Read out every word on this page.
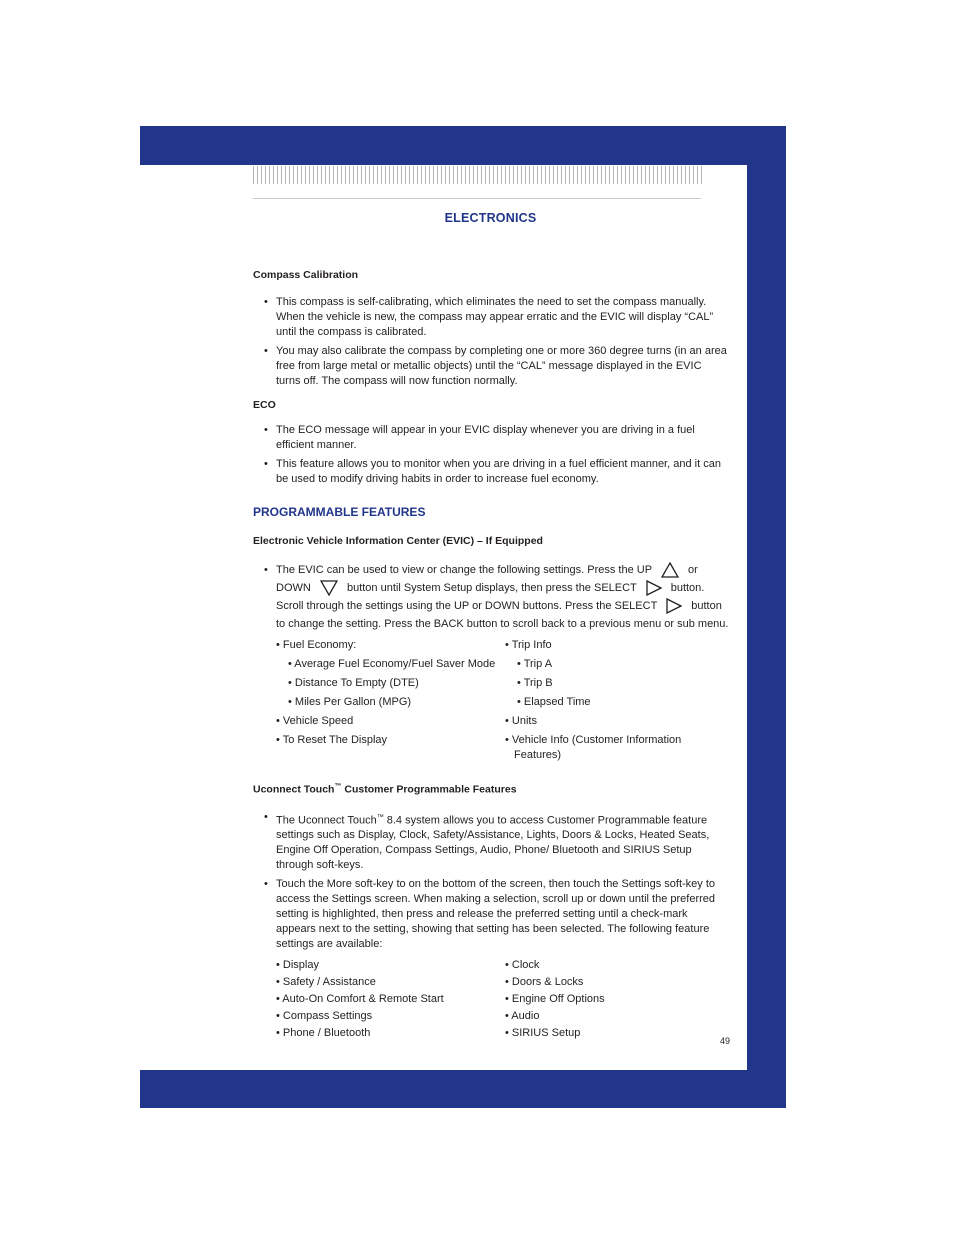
ELECTRONICS
Compass Calibration
• This compass is self-calibrating, which eliminates the need to set the compass manually. When the vehicle is new, the compass may appear erratic and the EVIC will display “CAL” until the compass is calibrated.
• You may also calibrate the compass by completing one or more 360 degree turns (in an area free from large metal or metallic objects) until the “CAL” message displayed in the EVIC turns off. The compass will now function normally.
ECO
• The ECO message will appear in your EVIC display whenever you are driving in a fuel efficient manner.
• This feature allows you to monitor when you are driving in a fuel efficient manner, and it can be used to modify driving habits in order to increase fuel economy.
PROGRAMMABLE FEATURES
Electronic Vehicle Information Center (EVIC) – If Equipped
• The EVIC can be used to view or change the following settings. Press the UP	or
DOWN	button until System Setup displays, then press the SELECT	button. Scroll through the settings using the UP or DOWN buttons. Press the SELECT	button to change the setting. Press the BACK button to scroll back to a previous menu or sub menu.
• Fuel Economy:
• Average Fuel Economy/Fuel Saver Mode
• Distance To Empty (DTE)
• Miles Per Gallon (MPG)
• Vehicle Speed
• To Reset The Display
• Trip Info
• Trip A
• Trip B
• Elapsed Time
• Units
• Vehicle Info (Customer Information
Features)
Uconnect Touch™ Customer Programmable Features
• The Uconnect Touch™ 8.4 system allows you to access Customer Programmable feature settings such as Display, Clock, Safety/Assistance, Lights, Doors & Locks, Heated Seats, Engine Off Operation, Compass Settings, Audio, Phone/ Bluetooth and SIRIUS Setup through soft-keys.
• Touch the More soft-key to on the bottom of the screen, then touch the Settings soft-key to access the Settings screen. When making a selection, scroll up or down until the preferred setting is highlighted, then press and release the preferred setting until a check-mark appears next to the setting, showing that setting has been selected. The following feature settings are available:
• Display
• Safety / Assistance
• Auto-On Comfort & Remote Start
• Compass Settings
• Phone / Bluetooth
• Clock
• Doors & Locks
• Engine Off Options
• Audio
• SIRIUS Setup
49
